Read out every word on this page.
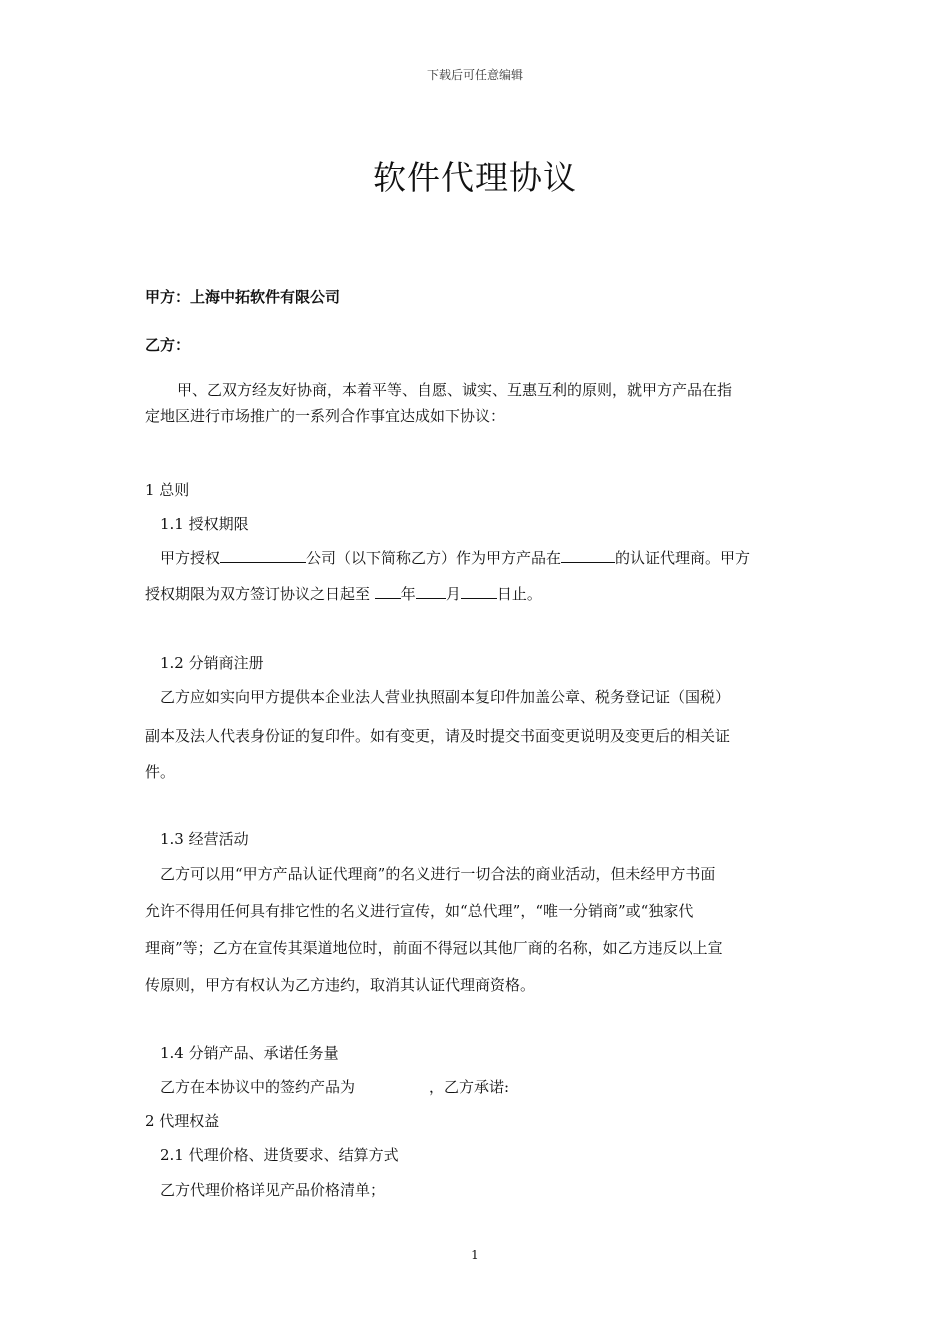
下载后可任意编辑
软件代理协议
甲方：上海中拓软件有限公司
乙方：
甲、乙双方经友好协商，本着平等、自愿、诚实、互惠互利的原则，就甲方产品在指
定地区进行市场推广的一系列合作事宜达成如下协议：
1 总则
1.1 授权期限
甲方授权	公司（以下简称乙方）作为甲方产品在	的认证代理商。甲方
授权期限为双方签订协议之日起至 年 月 日止。
1.2 分销商注册
乙方应如实向甲方提供本企业法人营业执照副本复印件加盖公章、税务登记证（国税）
副本及法人代表身份证的复印件。如有变更，请及时提交书面变更说明及变更后的相关证
件。
1.3 经营活动
乙方可以用“甲方产品认证代理商”的名义进行一切合法的商业活动，但未经甲方书面
允许不得用任何具有排它性的名义进行宣传，如“总代理”，“唯一分销商”或“独家代
理商”等；乙方在宣传其渠道地位时，前面不得冠以其他厂商的名称，如乙方违反以上宣
传原则，甲方有权认为乙方违约，取消其认证代理商资格。
1.4 分销产品、承诺任务量
乙方在本协议中的签约产品为	，乙方承诺:
2 代理权益
2.1 代理价格、进货要求、结算方式
乙方代理价格详见产品价格清单；
1
